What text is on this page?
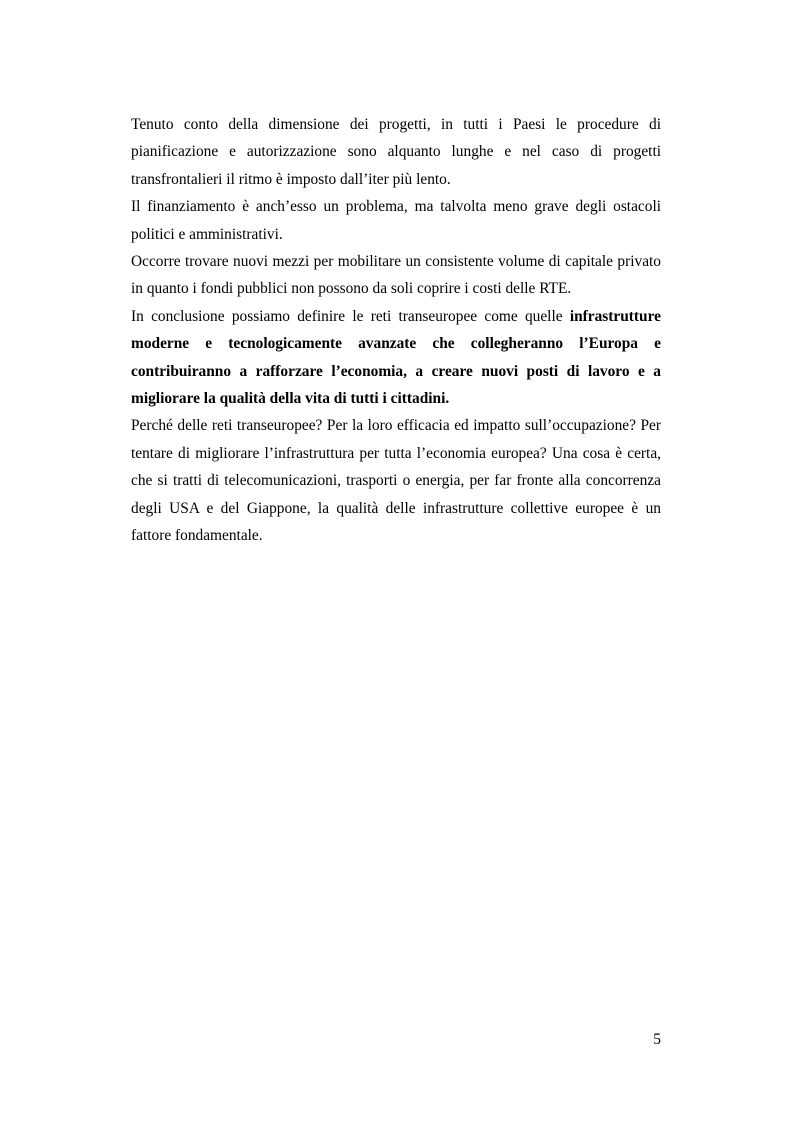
Tenuto conto della dimensione dei progetti, in tutti i Paesi le procedure di pianificazione e autorizzazione sono alquanto lunghe e nel caso di progetti transfrontalieri il ritmo è imposto dall’iter più lento.

Il finanziamento è anch’esso un problema, ma talvolta meno grave degli ostacoli politici e amministrativi.

Occorre trovare nuovi mezzi per mobilitare un consistente volume di capitale privato in quanto i fondi pubblici non possono da soli coprire i costi delle RTE.

In conclusione possiamo definire le reti transeuropee come quelle infrastrutture moderne e tecnologicamente avanzate che collegheranno l’Europa e contribuiranno a rafforzare l’economia, a creare nuovi posti di lavoro e a migliorare la qualità della vita di tutti i cittadini.

Perché delle reti transeuropee? Per la loro efficacia ed impatto sull’occupazione? Per tentare di migliorare l’infrastruttura per tutta l’economia europea? Una cosa è certa, che si tratti di telecomunicazioni, trasporti o energia, per far fronte alla concorrenza degli USA e del Giappone, la qualità delle infrastrutture collettive europee è un fattore fondamentale.

5
